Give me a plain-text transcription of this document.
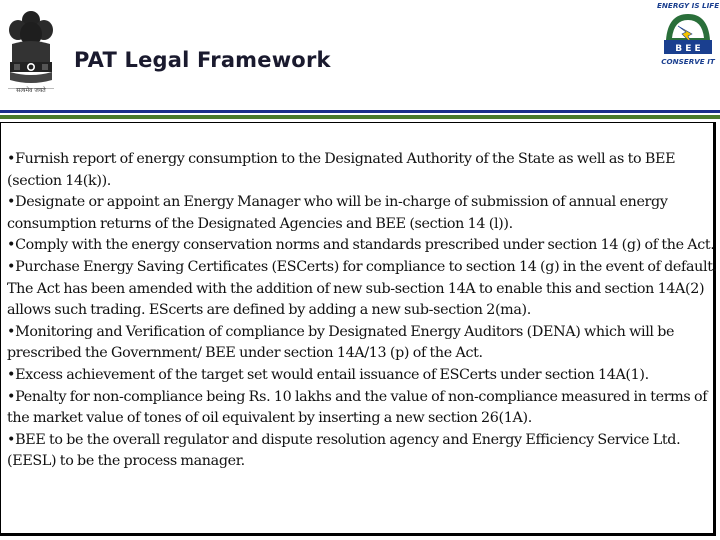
सत्यमेव जयते
PAT Legal Framework
ENERGY IS LIFE
B E E
CONSERVE IT

•Furnish report of energy consumption to the Designated Authority of the State as well as to BEE (section 14(k)).

•Designate or appoint an Energy Manager who will be in-charge of submission of annual energy consumption returns of the Designated Agencies and BEE (section 14 (l)).

•Comply with the energy conservation norms and standards prescribed under section 14 (g) of the Act.

•Purchase Energy Saving Certificates (ESCerts) for compliance to section 14 (g) in the event of default. The Act has been amended with the addition of new sub-section 14A to enable this and section 14A(2) allows such trading. EScerts are defined by adding a new sub-section 2(ma).

•Monitoring and Verification of compliance by Designated Energy Auditors (DENA) which will be prescribed the Government/ BEE under section 14A/13 (p) of the Act.

•Excess achievement of the target set would entail issuance of ESCerts under section 14A(1).

•Penalty for non-compliance being Rs. 10 lakhs and the value of non-compliance measured in terms of the market value of tones of oil equivalent by inserting a new section 26(1A).

•BEE to be the overall regulator and dispute resolution agency and Energy Efficiency Service Ltd. (EESL) to be the process manager.
